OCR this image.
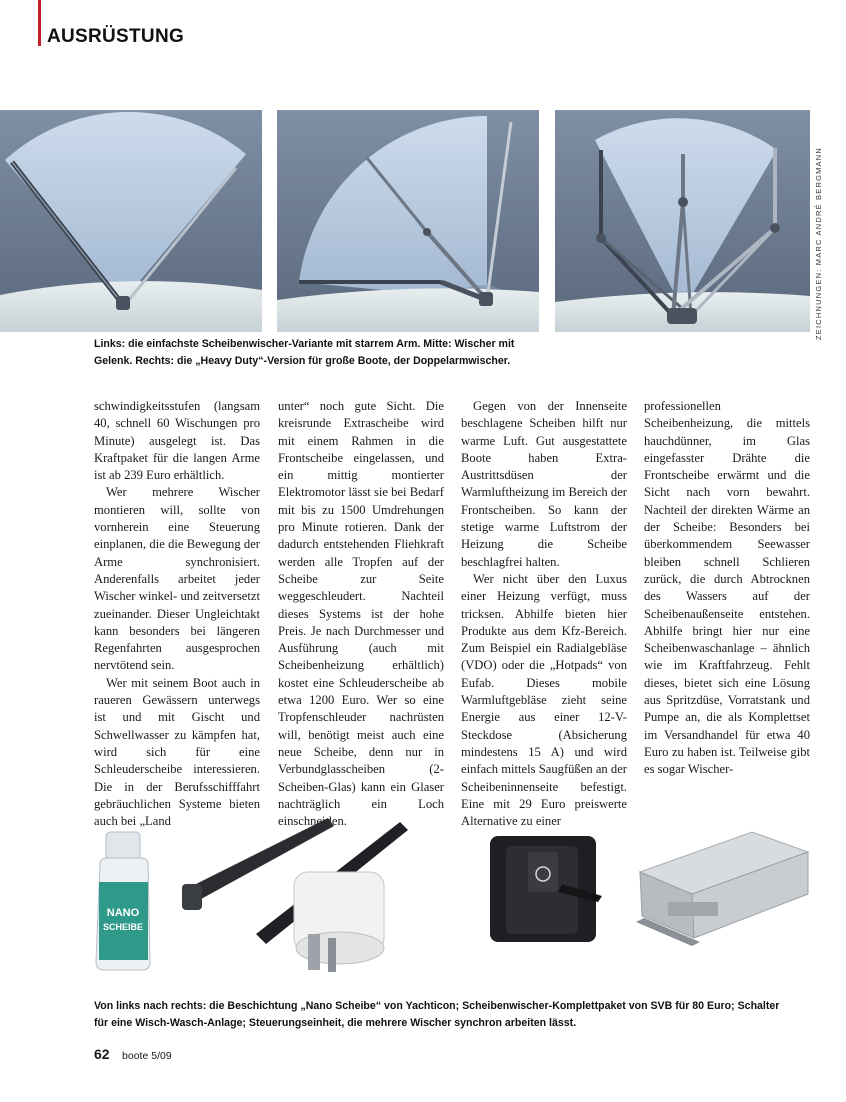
AUSRÜSTUNG
ZEICHNUNGEN: MARC ANDRÉ BERGMANN
Links: die einfachste Scheibenwischer-Variante mit starrem Arm. Mitte: Wischer mit
Gelenk. Rechts: die „Heavy Duty“-Version für große Boote, der Doppelarmwischer.

schwindigkeitsstufen (langsam 40, schnell 60 Wischungen pro Minute) ausgelegt ist. Das Kraftpaket für die langen Arme ist ab 239 Euro erhältlich.

Wer mehrere Wischer montieren will, sollte von vornherein eine Steuerung einplanen, die die Bewegung der Arme synchronisiert. Anderenfalls arbeitet jeder Wischer winkel- und zeitversetzt zueinander. Dieser Ungleichtakt kann besonders bei längeren Regenfahrten ausgesprochen nervtötend sein.

Wer mit seinem Boot auch in raueren Gewässern unterwegs ist und mit Gischt und Schwellwasser zu kämpfen hat, wird sich für eine Schleuderscheibe interessieren. Die in der Berufsschifffahrt gebräuchlichen Systeme bieten auch bei „Land

unter“ noch gute Sicht. Die kreisrunde Extrascheibe wird mit einem Rahmen in die Frontscheibe eingelassen, und ein mittig montierter Elektromotor lässt sie bei Bedarf mit bis zu 1500 Umdrehungen pro Minute rotieren. Dank der dadurch entstehenden Fliehkraft werden alle Tropfen auf der Scheibe zur Seite weggeschleudert. Nachteil dieses Systems ist der hohe Preis. Je nach Durchmesser und Ausführung (auch mit Scheibenheizung erhältlich) kostet eine Schleuderscheibe ab etwa 1200 Euro. Wer so eine Tropfenschleuder nachrüsten will, benötigt meist auch eine neue Scheibe, denn nur in Verbundglasscheiben (2-Scheiben-Glas) kann ein Glaser nachträglich ein Loch einschneiden.

Gegen von der Innenseite beschlagene Scheiben hilft nur warme Luft. Gut ausgestattete Boote haben Extra-Austrittsdüsen der Warmluftheizung im Bereich der Frontscheiben. So kann der stetige warme Luftstrom der Heizung die Scheibe beschlagfrei halten.

Wer nicht über den Luxus einer Heizung verfügt, muss tricksen. Abhilfe bieten hier Produkte aus dem Kfz-Bereich. Zum Beispiel ein Radialgebläse (VDO) oder die „Hotpads“ von Eufab. Dieses mobile Warmluftgebläse zieht seine Energie aus einer 12-V-Steckdose (Absicherung mindestens 15 A) und wird einfach mittels Saugfüßen an der Scheibeninnenseite befestigt. Eine mit 29 Euro preiswerte Alternative zu einer

professionellen Scheibenheizung, die mittels hauchdünner, im Glas eingefasster Drähte die Frontscheibe erwärmt und die Sicht nach vorn bewahrt. Nachteil der direkten Wärme an der Scheibe: Besonders bei überkommendem Seewasser bleiben schnell Schlieren zurück, die durch Abtrocknen des Wassers auf der Scheibenaußenseite entstehen. Abhilfe bringt hier nur eine Scheibenwaschanlage – ähnlich wie im Kraftfahrzeug. Fehlt dieses, bietet sich eine Lösung aus Spritzdüse, Vorratstank und Pumpe an, die als Komplettset im Versandhandel für etwa 40 Euro zu haben ist. Teilweise gibt es sogar Wischer-

NANO
SCHEIBE
Von links nach rechts: die Beschichtung „Nano Scheibe“ von Yachticon; Scheibenwischer-Komplettpaket von SVB für 80 Euro; Schalter
für eine Wisch-Wasch-Anlage; Steuerungseinheit, die mehrere Wischer synchron arbeiten lässt.
62 boote 5/09
